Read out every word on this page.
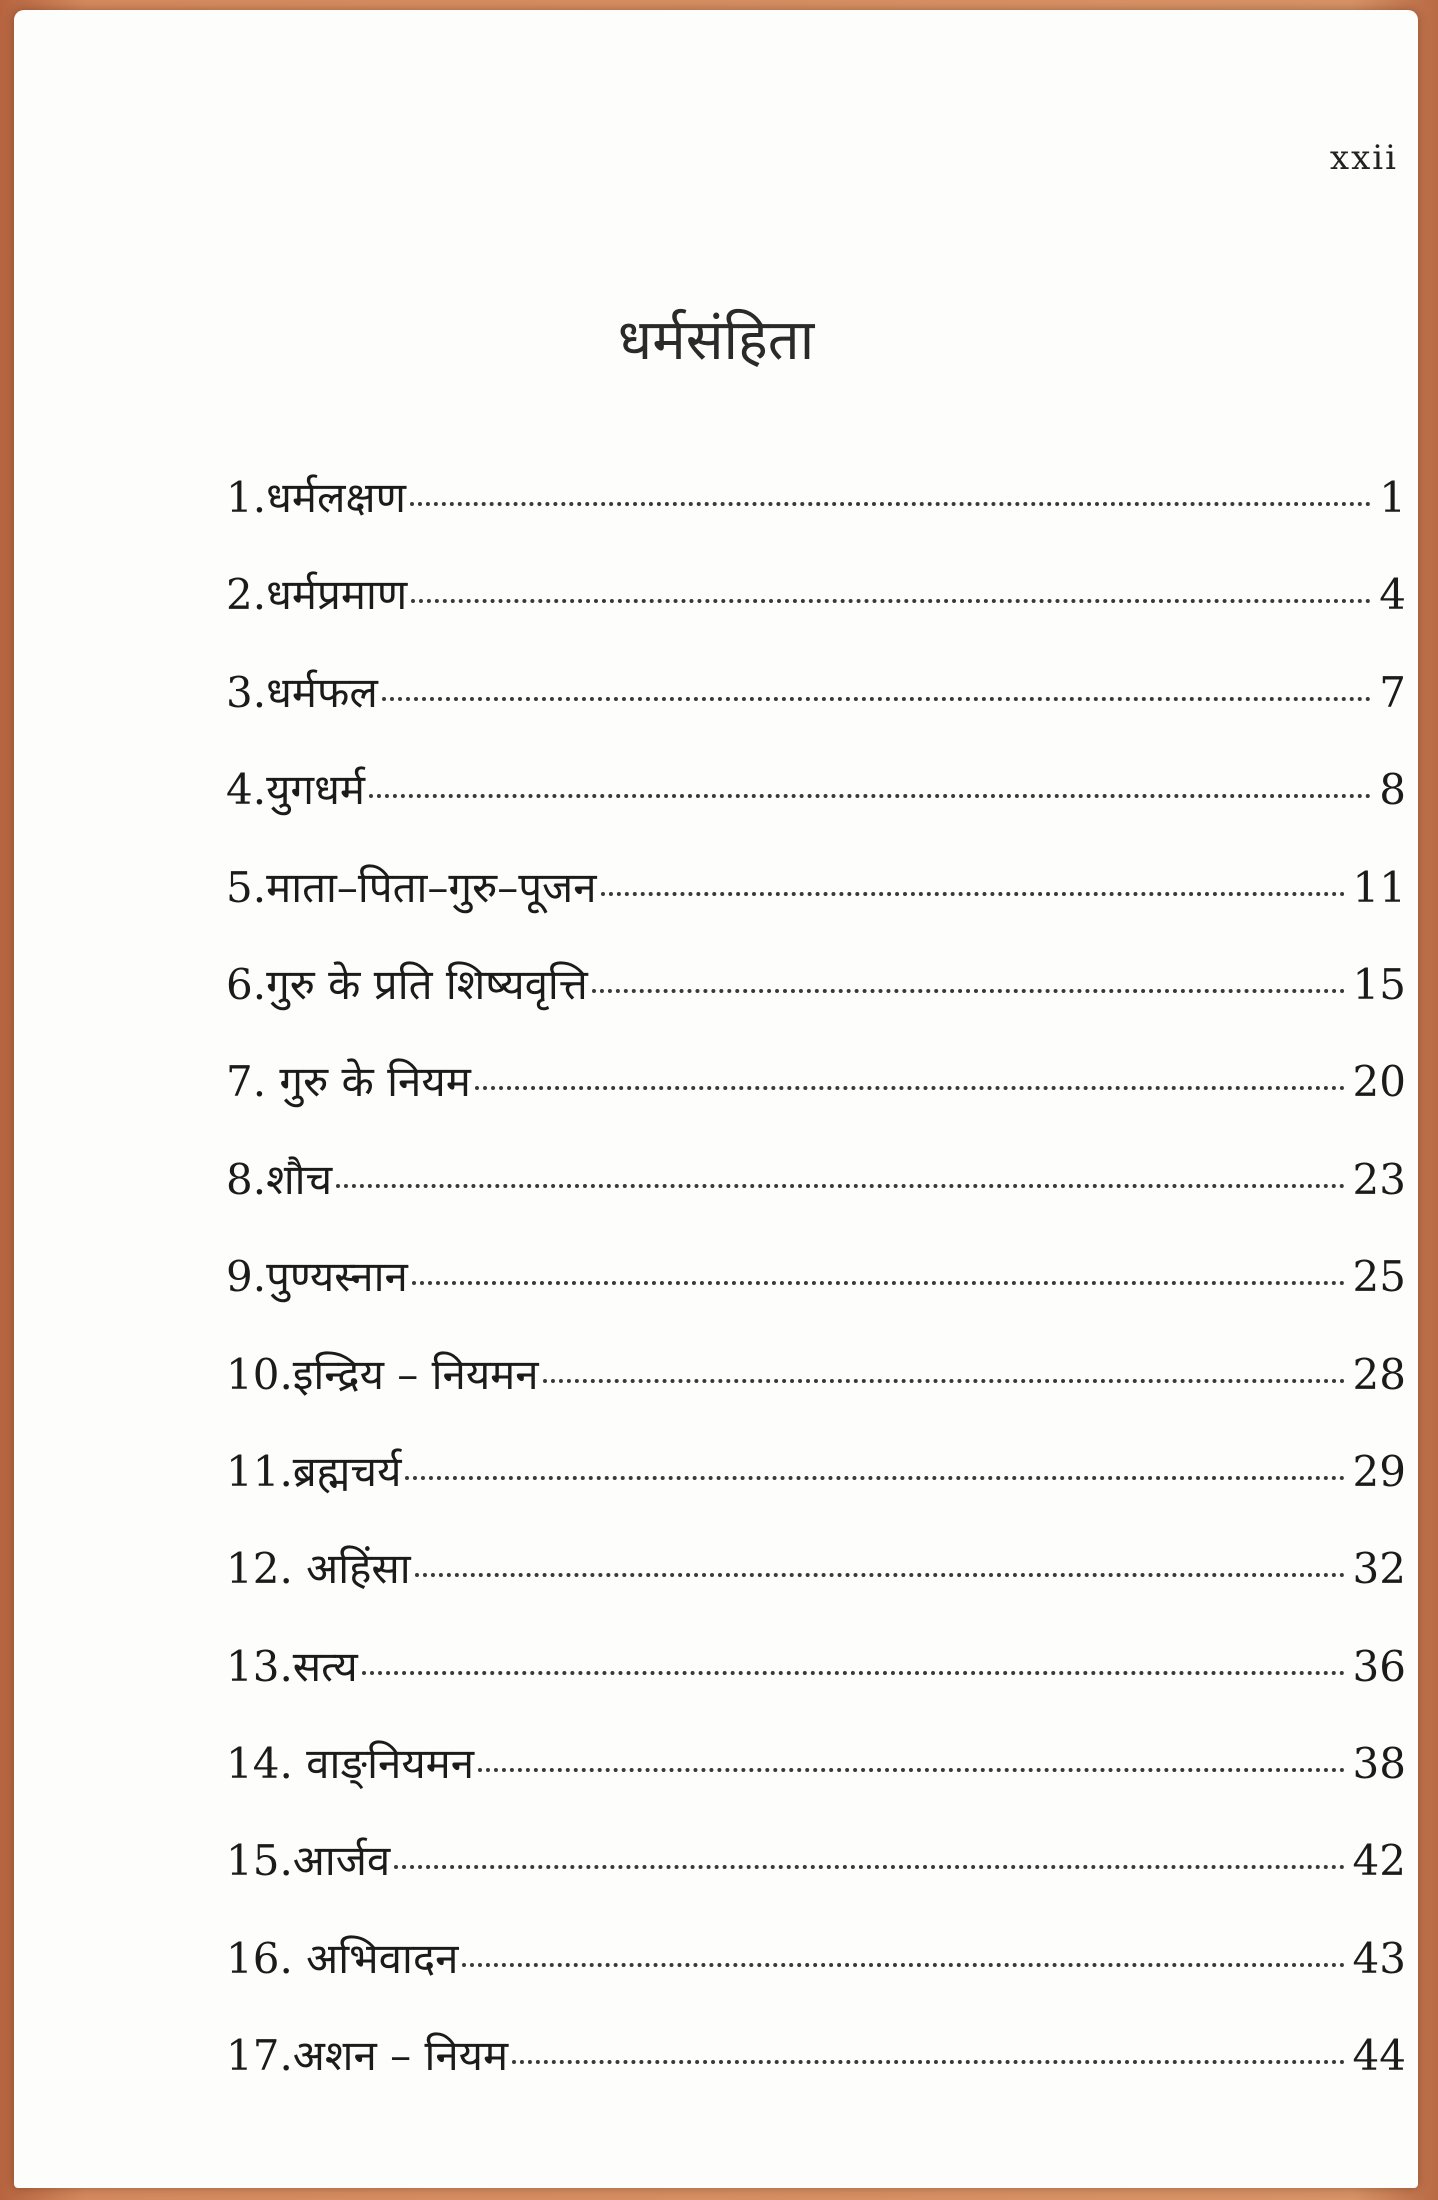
xxii
धर्मसंहिता
1.धर्मलक्षण	1
2.धर्मप्रमाण	4
3.धर्मफल	7
4.युगधर्म	8
5.माता–पिता–गुरु–पूजन	11
6.गुरु के प्रति शिष्यवृत्ति	15
7. गुरु के नियम	20
8.शौच	23
9.पुण्यस्नान	25
10.इन्द्रिय – नियमन	28
11.ब्रह्मचर्य	29
12. अहिंसा	32
13.सत्य	36
14. वाङ्नियमन	38
15.आर्जव	42
16. अभिवादन	43
17.अशन – नियम	44
